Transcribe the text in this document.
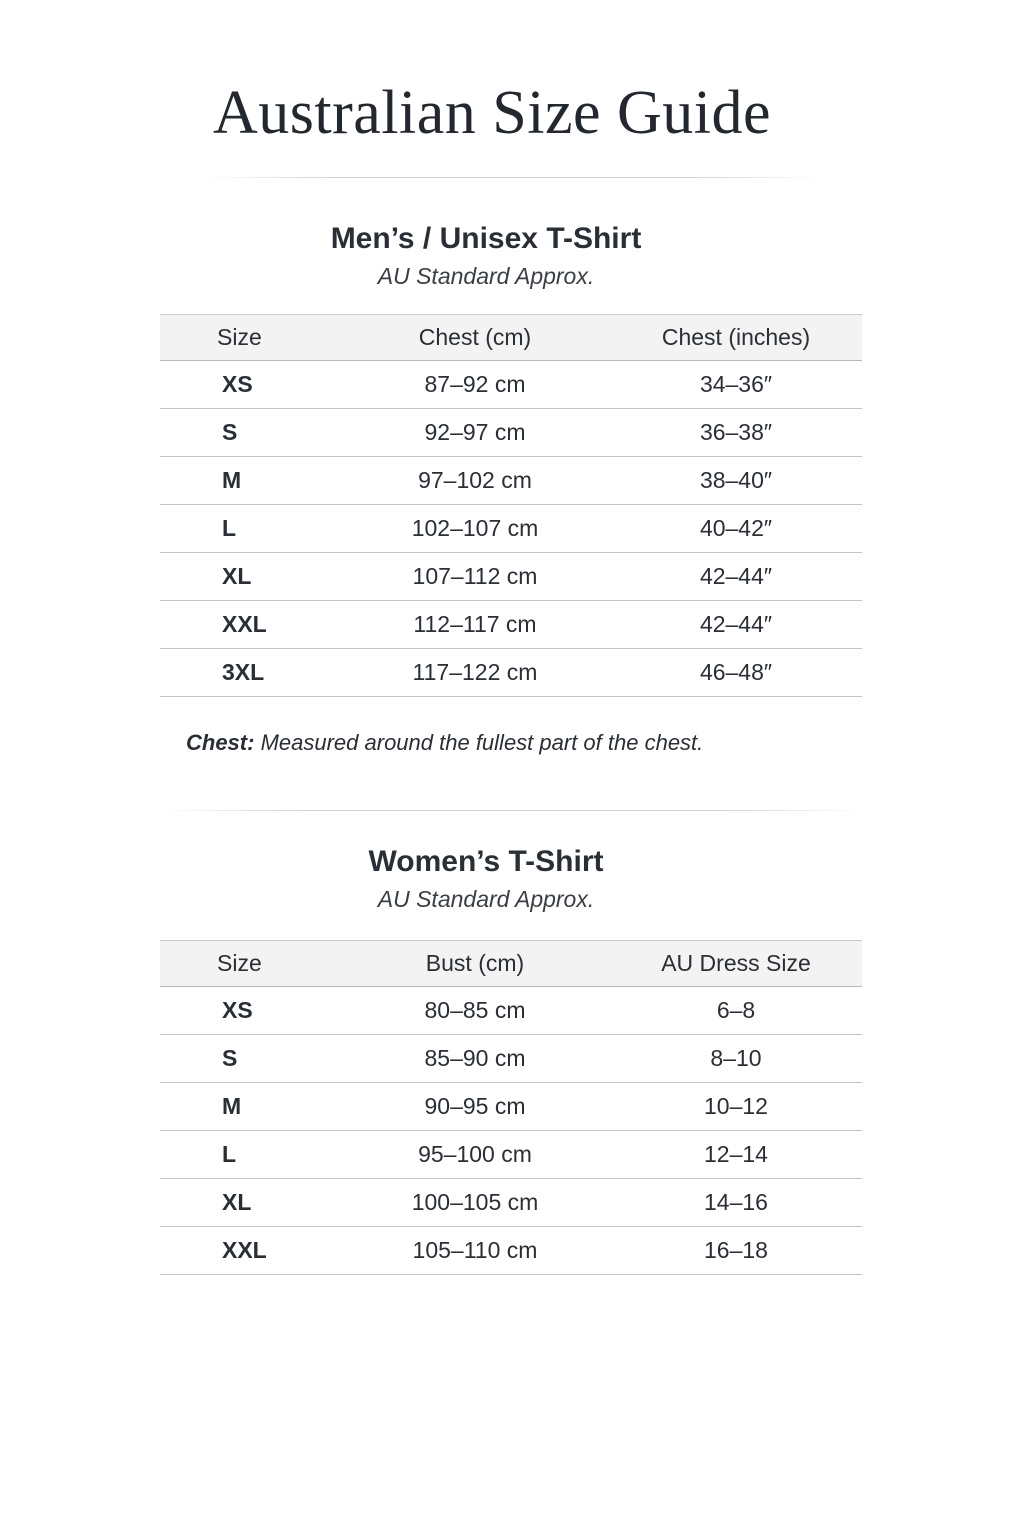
Australian Size Guide
Men’s / Unisex T-Shirt
AU Standard Approx.
Size	Chest (cm)	Chest (inches)
XS	87–92 cm	34–36″
S	92–97 cm	36–38″
M	97–102 cm	38–40″
L	102–107 cm	40–42″
XL	107–112 cm	42–44″
XXL	112–117 cm	42–44″
3XL	117–122 cm	46–48″
Chest: Measured around the fullest part of the chest.
Women’s T-Shirt
AU Standard Approx.
Size	Bust (cm)	AU Dress Size
XS	80–85 cm	6–8
S	85–90 cm	8–10
M	90–95 cm	10–12
L	95–100 cm	12–14
XL	100–105 cm	14–16
XXL	105–110 cm	16–18
